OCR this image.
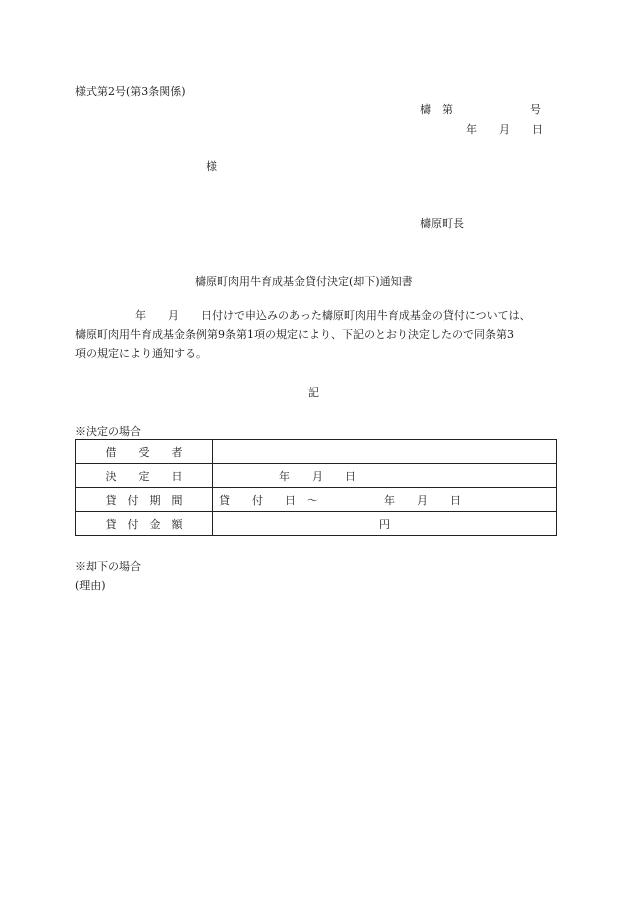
様式第2号(第3条関係)
檮　第　　　　　　　号
年　　月　　日
様
檮原町長
檮原町肉用牛育成基金貸付決定(却下)通知書
年　　月　　日付けで申込みのあった檮原町肉用牛育成基金の貸付については、
檮原町肉用牛育成基金条例第9条第1項の規定により、下記のとおり決定したので同条第3
項の規定により通知する。
記
※決定の場合
借　　受　　者	
決　　定　　日	年　　月　　日
貸　付　期　間	貸　　付　　日　～　　　　　　年　　月　　日
貸　付　金　額	円
※却下の場合
(理由)
